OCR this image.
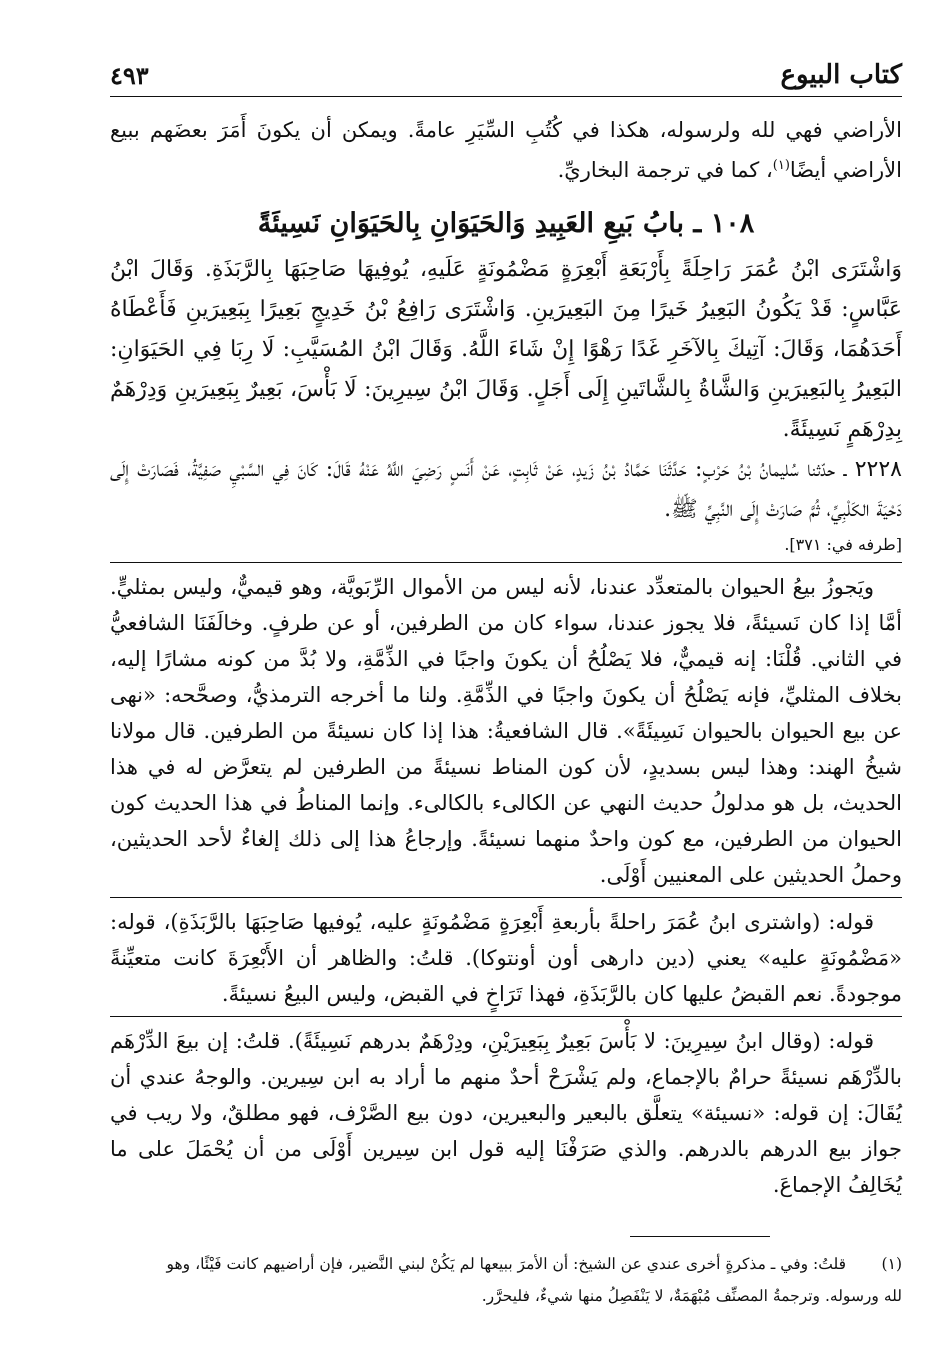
كتاب البيوع
٤٩٣

الأراضي فهي لله ولرسوله، هكذا في كُتُبِ السِّيَرِ عامةً. ويمكن أن يكونَ أَمَرَ بعضَهم ببيع الأراضي أيضًا$^{(١)}$، كما في ترجمة البخاريِّ.

١٠٨ ـ بابُ بَيعِ العَبِيدِ وَالحَيَوَانِ بِالحَيَوَانِ نَسِيئَةً

وَاشْتَرَى ابْنُ عُمَرَ رَاحِلَةً بِأَرْبَعَةِ أَبْعِرَةٍ مَضْمُونَةٍ عَلَيهِ، يُوفِيهَا صَاحِبَهَا بِالرَّبَذَةِ. وَقَالَ ابْنُ عَبَّاسٍ: قَدْ يَكُونُ البَعِيرُ خَيرًا مِنَ البَعِيرَينِ. وَاشْتَرَى رَافِعُ بْنُ خَدِيجٍ بَعِيرًا بِبَعِيرَينِ فَأَعْطَاهُ أَحَدَهُمَا، وَقَالَ: آتِيكَ بِالآخَرِ غَدًا رَهْوًا إِنْ شَاءَ اللَّهُ. وَقَالَ ابْنُ المُسَيَّبِ: لَا رِبَا فِي الحَيَوَانِ: البَعِيرُ بِالبَعِيرَينِ وَالشَّاةُ بِالشَّاتَينِ إِلَى أَجَلٍ. وَقَالَ ابْنُ سِيرِينَ: لَا بَأْسَ، بَعِيرٌ بِبَعِيرَينِ وَدِرْهَمٌ بِدِرْهَمٍ نَسِيئَةً.

٢٢٢٨ ـ حدّثنا سُليمانُ بْنُ حَرْبٍ: حَدَّثَنَا حَمَّادُ بْنُ زَيدٍ، عَنْ ثَابِتٍ، عَنْ أَنَسٍ رَضِيَ اللَّهُ عَنْهُ قَالَ: كَانَ فِي السَّبْيِ صَفِيَّةُ، فَصَارَتْ إِلَى دَحْيَةَ الكَلْبِيِّ، ثُمَّ صَارَتْ إِلَى النَّبِيِّ ﷺ.

[طرفه في: ٣٧١].

ويَجوزُ بيعُ الحيوان بالمتعدِّد عندنا، لأنه ليس من الأموال الرِّبَويَّة، وهو قيميٌّ، وليس بمثليٍّ. أمَّا إذا كان نَسيئةً، فلا يجوز عندنا، سواء كان من الطرفين، أو عن طرفٍ. وخالَفَنَا الشافعيُّ في الثاني. قُلْنَا: إنه قيميٌّ، فلا يَصْلُحُ أن يكونَ واجبًا في الذِّمَّةِ، ولا بُدَّ من كونه مشارًا إليه، بخلاف المثليِّ، فإنه يَصْلُحُ أن يكونَ واجبًا في الذِّمَّةِ. ولنا ما أخرجه الترمذيُّ، وصحَّحه: «نهى عن بيع الحيوان بالحيوان نَسِيئَةً». قال الشافعيةُ: هذا إذا كان نسيئةً من الطرفين. قال مولانا شيخُ الهند: وهذا ليس بسديدٍ، لأن كون المناط نسيئةً من الطرفين لم يتعرَّض له في هذا الحديث، بل هو مدلولُ حديث النهي عن الكالىء بالكالىء. وإنما المناطُ في هذا الحديث كون الحيوان من الطرفين، مع كون واحدٌ منهما نسيئةً. وإرجاعُ هذا إلى ذلك إلغاءٌ لأحد الحديثين، وحملُ الحديثين على المعنيين أَوْلَى.

قوله: (واشترى ابنُ عُمَرَ راحلةً بأربعةِ أَبْعِرَةٍ مَضْمُونَةٍ عليه، يُوفيها صَاحِبَهَا بالرَّبَذَةِ)، قوله: «مَضْمُونَةٍ عليه» يعني (دين دارهى أون أونتوكا). قلتُ: والظاهر أن الأَبْعِرَةَ كانت متعيِّنةً موجودةً. نعم القبضُ عليها كان بالرَّبَذَةِ، فهذا تَرَاخٍ في القبض، وليس البيعُ نسيئةً.

قوله: (وقال ابنُ سِيرِينَ: لا بَأْسَ بَعِيرٌ بِبَعِيرَيْنِ، ودِرْهَمٌ بدرهم نَسِيئَةً). قلتُ: إن بيعَ الدِّرْهَم بالدِّرْهَم نسيئةً حرامٌ بالإجماع، ولم يَشْرَحْ أحدٌ منهم ما أراد به ابن سِيرين. والوجهُ عندي أن يُقَالَ: إن قوله: «نسيئة» يتعلَّق بالبعير والبعيرين، دون بيع الصَّرْف، فهو مطلقٌ، ولا ريب في جواز بيع الدرهم بالدرهم. والذي صَرَفْنَا إليه قول ابن سِيرين أَوْلَى من أن يُحْمَلَ على ما يُخَالِفُ الإجماعَ.

(١)قلتُ: وفي ـ مذكرةٍ أخرى عندي عن الشيخ: أن الأمرَ ببيعها لم يَكُنْ لبني النَّضير، فإن أراضيهم كانت فَيْئًا، وهو
لله ورسوله. وترجمةُ المصنِّف مُبْهَمَةٌ، لا يَنْفَصِلُ منها شيءٌ، فليحرَّر.
